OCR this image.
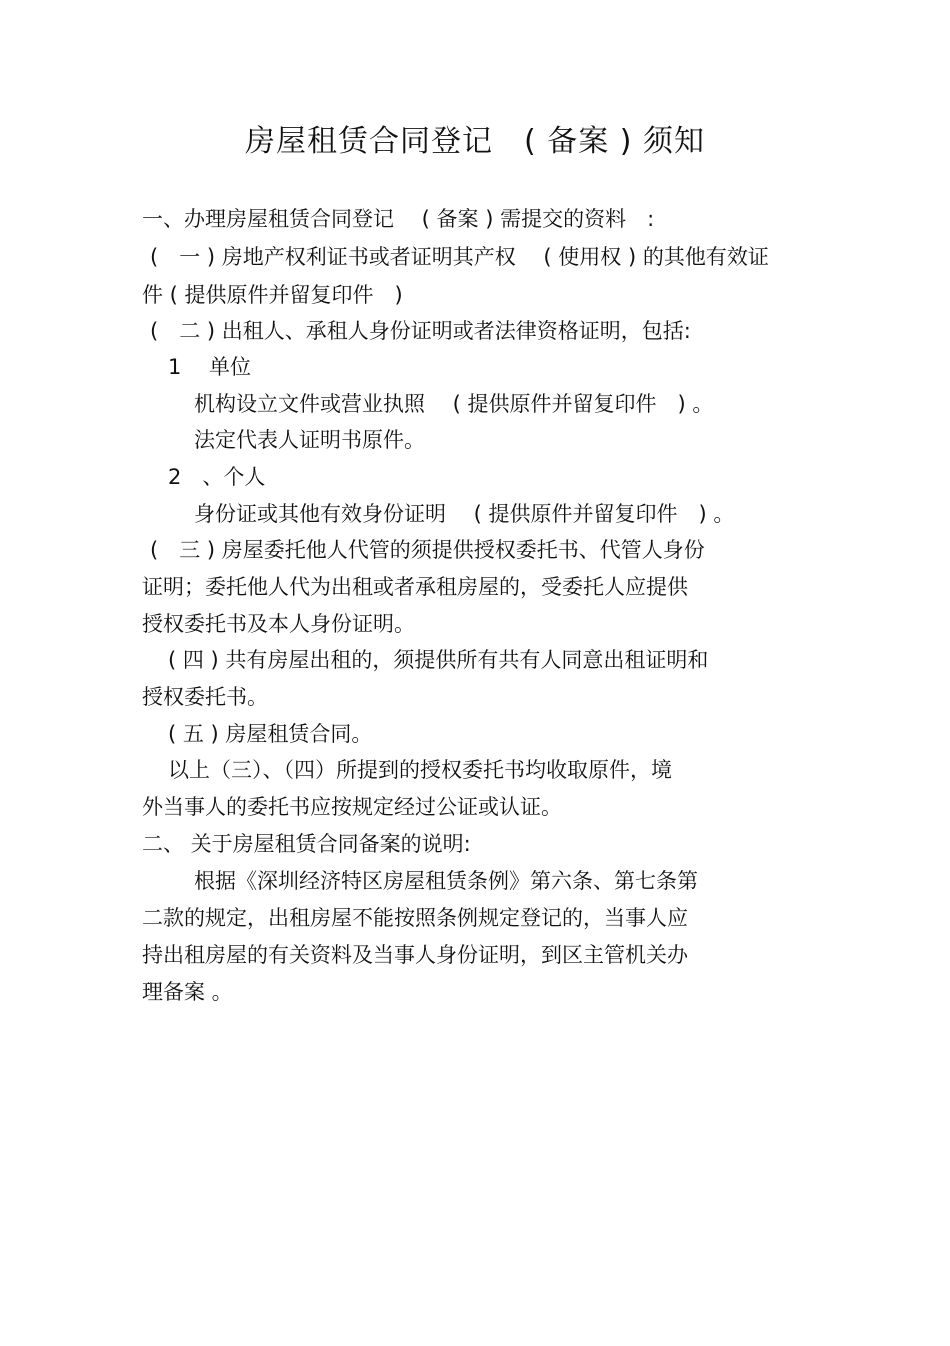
房屋租赁合同登记　( 备案 ) 须知
一、办理房屋租赁合同登记　 ( 备案 ) 需提交的资料　:
(　一 ) 房地产权利证书或者证明其产权　 ( 使用权 ) 的其他有效证
件 ( 提供原件并留复印件　)
(　二 ) 出租人、承租人身份证明或者法律资格证明，包括:
1　 单位
机构设立文件或营业执照　 ( 提供原件并留复印件　) 。
法定代表人证明书原件。
2　、个人
身份证或其他有效身份证明　 ( 提供原件并留复印件　) 。
(　三 ) 房屋委托他人代管的须提供授权委托书、代管人身份
证明；委托他人代为出租或者承租房屋的，受委托人应提供
授权委托书及本人身份证明。
( 四 ) 共有房屋出租的，须提供所有共有人同意出租证明和
授权委托书。
( 五 ) 房屋租赁合同。
以上（三）、（四）所提到的授权委托书均收取原件，境
外当事人的委托书应按规定经过公证或认证。
二、 关于房屋租赁合同备案的说明:
根据《深圳经济特区房屋租赁条例》第六条、第七条第
二款的规定，出租房屋不能按照条例规定登记的，当事人应
持出租房屋的有关资料及当事人身份证明，到区主管机关办
理备案 。
